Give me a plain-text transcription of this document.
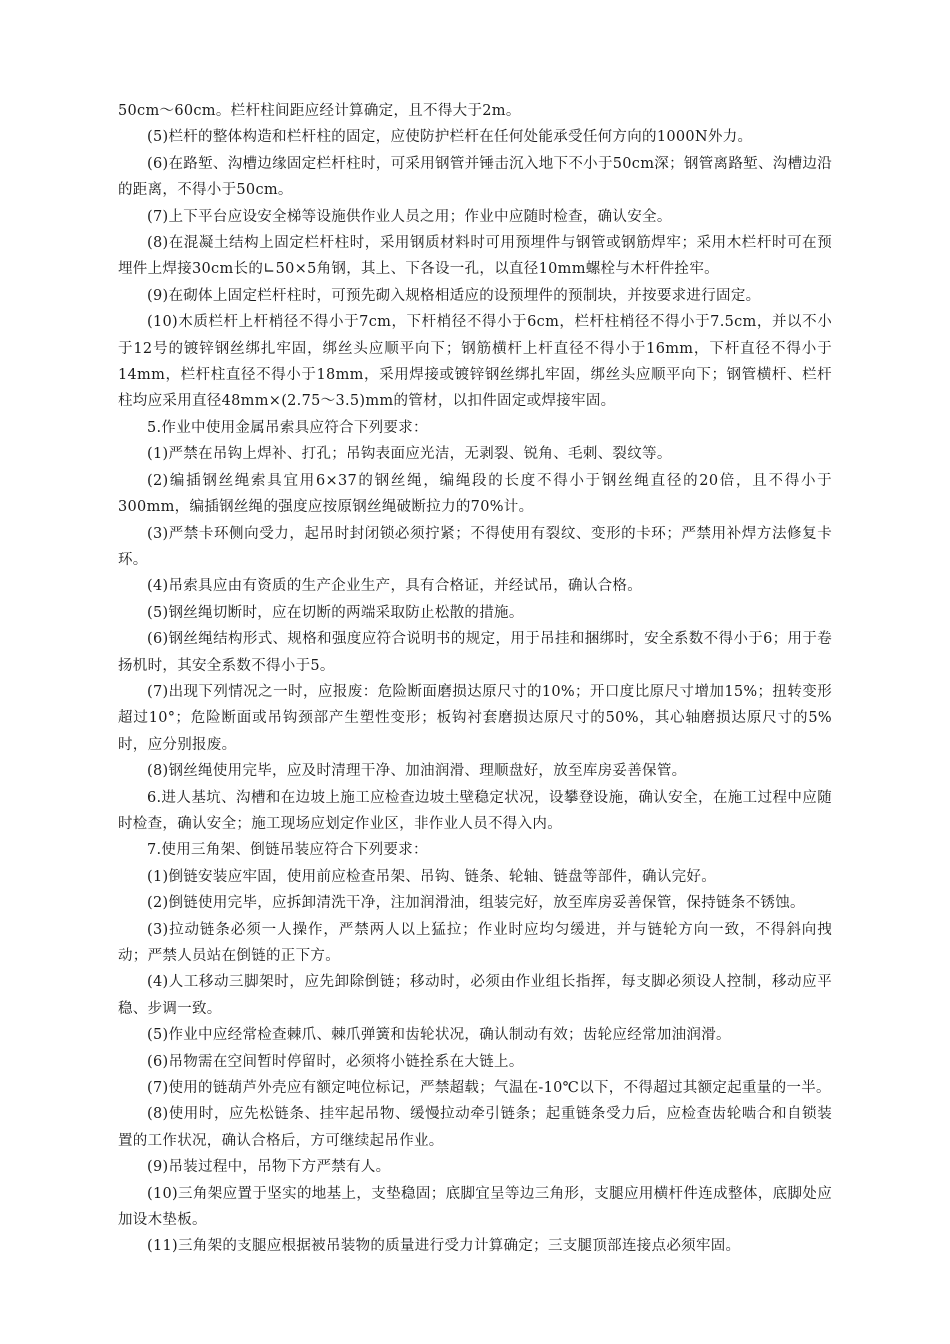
50cm～60cm。栏杆柱间距应经计算确定，且不得大于2m。

(5)栏杆的整体构造和栏杆柱的固定，应使防护栏杆在任何处能承受任何方向的1000N外力。

(6)在路堑、沟槽边缘固定栏杆柱时，可采用钢管并锤击沉入地下不小于50cm深；钢管离路堑、沟槽边沿的距离，不得小于50cm。

(7)上下平台应设安全梯等设施供作业人员之用；作业中应随时检查，确认安全。

(8)在混凝土结构上固定栏杆柱时，采用钢质材料时可用预埋件与钢管或钢筋焊牢；采用木栏杆时可在预埋件上焊接30cm长的∟50×5角钢，其上、下各设一孔，以直径10mm螺栓与木杆件拴牢。

(9)在砌体上固定栏杆柱时，可预先砌入规格相适应的设预埋件的预制块，并按要求进行固定。

(10)木质栏杆上杆梢径不得小于7cm，下杆梢径不得小于6cm，栏杆柱梢径不得小于7.5cm，并以不小于12号的镀锌钢丝绑扎牢固，绑丝头应顺平向下；钢筋横杆上杆直径不得小于16mm，下杆直径不得小于14mm，栏杆柱直径不得小于18mm，采用焊接或镀锌钢丝绑扎牢固，绑丝头应顺平向下；钢管横杆、栏杆柱均应采用直径48mm×(2.75～3.5)mm的管材，以扣件固定或焊接牢固。

5.作业中使用金属吊索具应符合下列要求：

(1)严禁在吊钩上焊补、打孔；吊钩表面应光洁，无剥裂、锐角、毛刺、裂纹等。

(2)编插钢丝绳索具宜用6×37的钢丝绳，编绳段的长度不得小于钢丝绳直径的20倍，且不得小于300mm，编插钢丝绳的强度应按原钢丝绳破断拉力的70%计。

(3)严禁卡环侧向受力，起吊时封闭锁必须拧紧；不得使用有裂纹、变形的卡环；严禁用补焊方法修复卡环。

(4)吊索具应由有资质的生产企业生产，具有合格证，并经试吊，确认合格。

(5)钢丝绳切断时，应在切断的两端采取防止松散的措施。

(6)钢丝绳结构形式、规格和强度应符合说明书的规定，用于吊挂和捆绑时，安全系数不得小于6；用于卷扬机时，其安全系数不得小于5。

(7)出现下列情况之一时，应报废：危险断面磨损达原尺寸的10%；开口度比原尺寸增加15%；扭转变形超过10°；危险断面或吊钩颈部产生塑性变形；板钩衬套磨损达原尺寸的50%，其心轴磨损达原尺寸的5%时，应分别报废。

(8)钢丝绳使用完毕，应及时清理干净、加油润滑、理顺盘好，放至库房妥善保管。

6.进人基坑、沟槽和在边坡上施工应检查边坡土壁稳定状况，设攀登设施，确认安全，在施工过程中应随时检查，确认安全；施工现场应划定作业区，非作业人员不得入内。

7.使用三角架、倒链吊装应符合下列要求：

(1)倒链安装应牢固，使用前应检查吊架、吊钩、链条、轮轴、链盘等部件，确认完好。

(2)倒链使用完毕，应拆卸清洗干净，注加润滑油，组装完好，放至库房妥善保管，保持链条不锈蚀。

(3)拉动链条必须一人操作，严禁两人以上猛拉；作业时应均匀缓进，并与链轮方向一致，不得斜向拽动；严禁人员站在倒链的正下方。

(4)人工移动三脚架时，应先卸除倒链；移动时，必须由作业组长指挥，每支脚必须设人控制，移动应平稳、步调一致。

(5)作业中应经常检查棘爪、棘爪弹簧和齿轮状况，确认制动有效；齿轮应经常加油润滑。

(6)吊物需在空间暂时停留时，必须将小链拴系在大链上。

(7)使用的链葫芦外壳应有额定吨位标记，严禁超载；气温在-10℃以下，不得超过其额定起重量的一半。

(8)使用时，应先松链条、挂牢起吊物、缓慢拉动牵引链条；起重链条受力后，应检查齿轮啮合和自锁装置的工作状况，确认合格后，方可继续起吊作业。

(9)吊装过程中，吊物下方严禁有人。

(10)三角架应置于坚实的地基上，支垫稳固；底脚宜呈等边三角形，支腿应用横杆件连成整体，底脚处应加设木垫板。

(11)三角架的支腿应根据被吊装物的质量进行受力计算确定；三支腿顶部连接点必须牢固。
